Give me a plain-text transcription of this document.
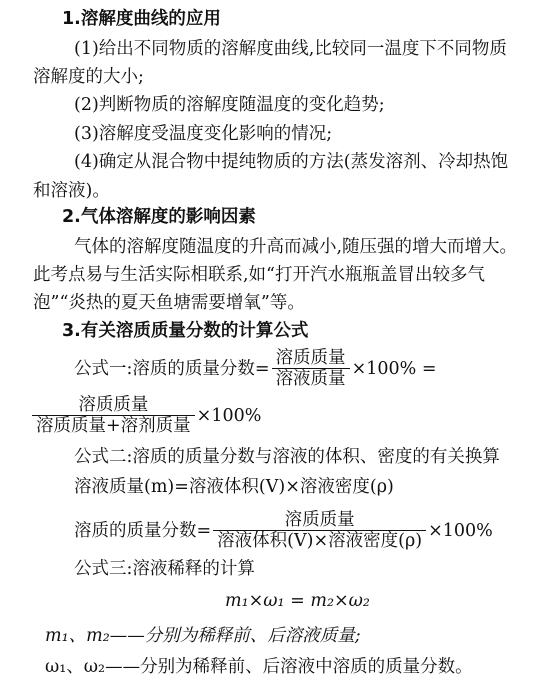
1.溶解度曲线的应用
(1)给出不同物质的溶解度曲线,比较同一温度下不同物质
溶解度的大小;
(2)判断物质的溶解度随温度的变化趋势;
(3)溶解度受温度变化影响的情况;
(4)确定从混合物中提纯物质的方法(蒸发溶剂、冷却热饱
和溶液)。
2.气体溶解度的影响因素
气体的溶解度随温度的升高而减小,随压强的增大而增大。
此考点易与生活实际相联系,如“打开汽水瓶瓶盖冒出较多气
泡”“炎热的夏天鱼塘需要增氧”等。
3.有关溶质质量分数的计算公式
公式一:溶质的质量分数= $\frac{\text{溶质质量}}{\text{溶液质量}} \times 100\%$ =
$\frac{\text{溶质质量}}{\text{溶质质量+溶剂质量}} \times 100\%$
公式二:溶质的质量分数与溶液的体积、密度的有关换算
溶液质量(m)=溶液体积(V)×溶液密度(ρ)
溶质的质量分数= $\frac{\text{溶质质量}}{\text{溶液体积(V)×溶液密度(ρ)}} \times 100\%$
公式三:溶液稀释的计算
m₁×ω₁ = m₂×ω₂
m₁、m₂——分别为稀释前、后溶液质量;
ω₁、ω₂——分别为稀释前、后溶液中溶质的质量分数。
